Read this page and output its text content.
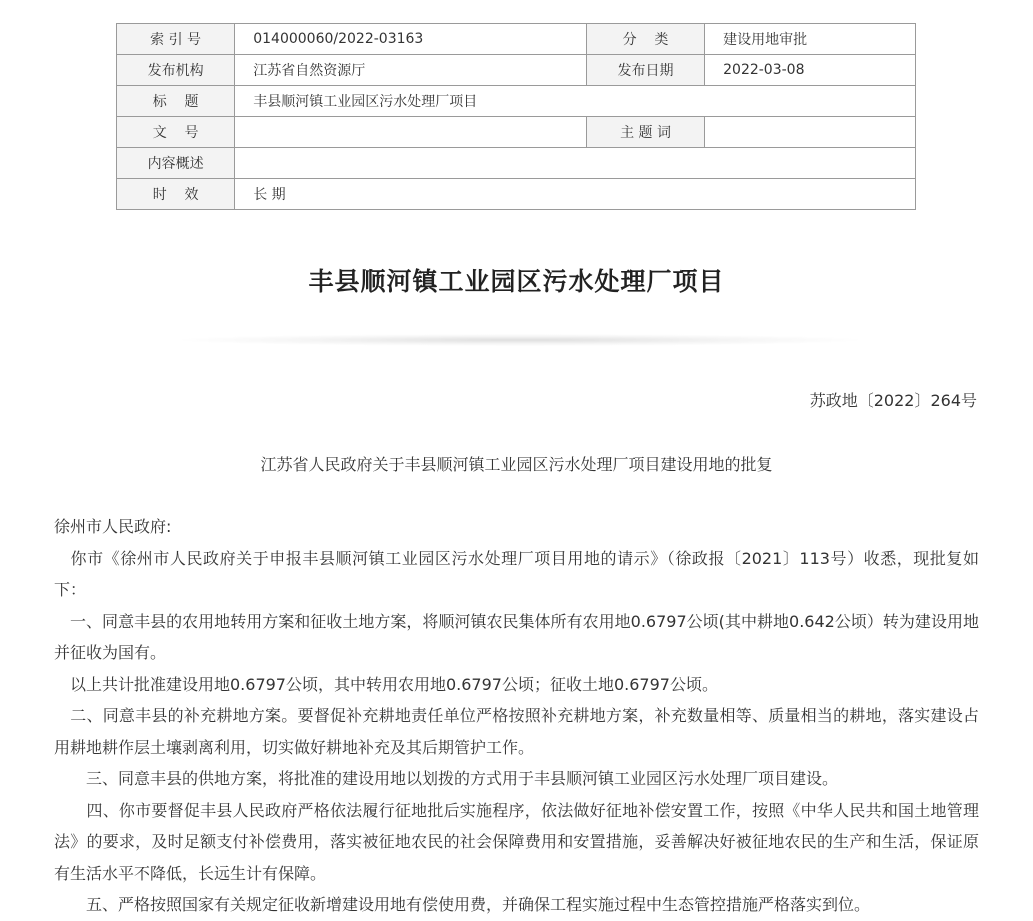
索 引 号	014000060/2022-03163	分    类	建设用地审批
发布机构	江苏省自然资源厅	发布日期	2022-03-08
标    题	丰县顺河镇工业园区污水处理厂项目		
文    号		主 题 词	
内容概述			
时    效	长 期		
丰县顺河镇工业园区污水处理厂项目
苏政地〔2022〕264号
江苏省人民政府关于丰县顺河镇工业园区污水处理厂项目建设用地的批复

徐州市人民政府:

　你市《徐州市人民政府关于申报丰县顺河镇工业园区污水处理厂项目用地的请示》（徐政报〔2021〕113号）收悉，现批复如下：

　一、同意丰县的农用地转用方案和征收土地方案，将顺河镇农民集体所有农用地0.6797公顷(其中耕地0.642公顷）转为建设用地并征收为国有。

　以上共计批准建设用地0.6797公顷，其中转用农用地0.6797公顷；征收土地0.6797公顷。

　二、同意丰县的补充耕地方案。要督促补充耕地责任单位严格按照补充耕地方案，补充数量相等、质量相当的耕地，落实建设占用耕地耕作层土壤剥离利用，切实做好耕地补充及其后期管护工作。

　　三、同意丰县的供地方案，将批准的建设用地以划拨的方式用于丰县顺河镇工业园区污水处理厂项目建设。

　　四、你市要督促丰县人民政府严格依法履行征地批后实施程序，依法做好征地补偿安置工作，按照《中华人民共和国土地管理法》的要求，及时足额支付补偿费用，落实被征地农民的社会保障费用和安置措施，妥善解决好被征地农民的生产和生活，保证原有生活水平不降低，长远生计有保障。

　　五、严格按照国家有关规定征收新增建设用地有偿使用费，并确保工程实施过程中生态管控措施严格落实到位。
